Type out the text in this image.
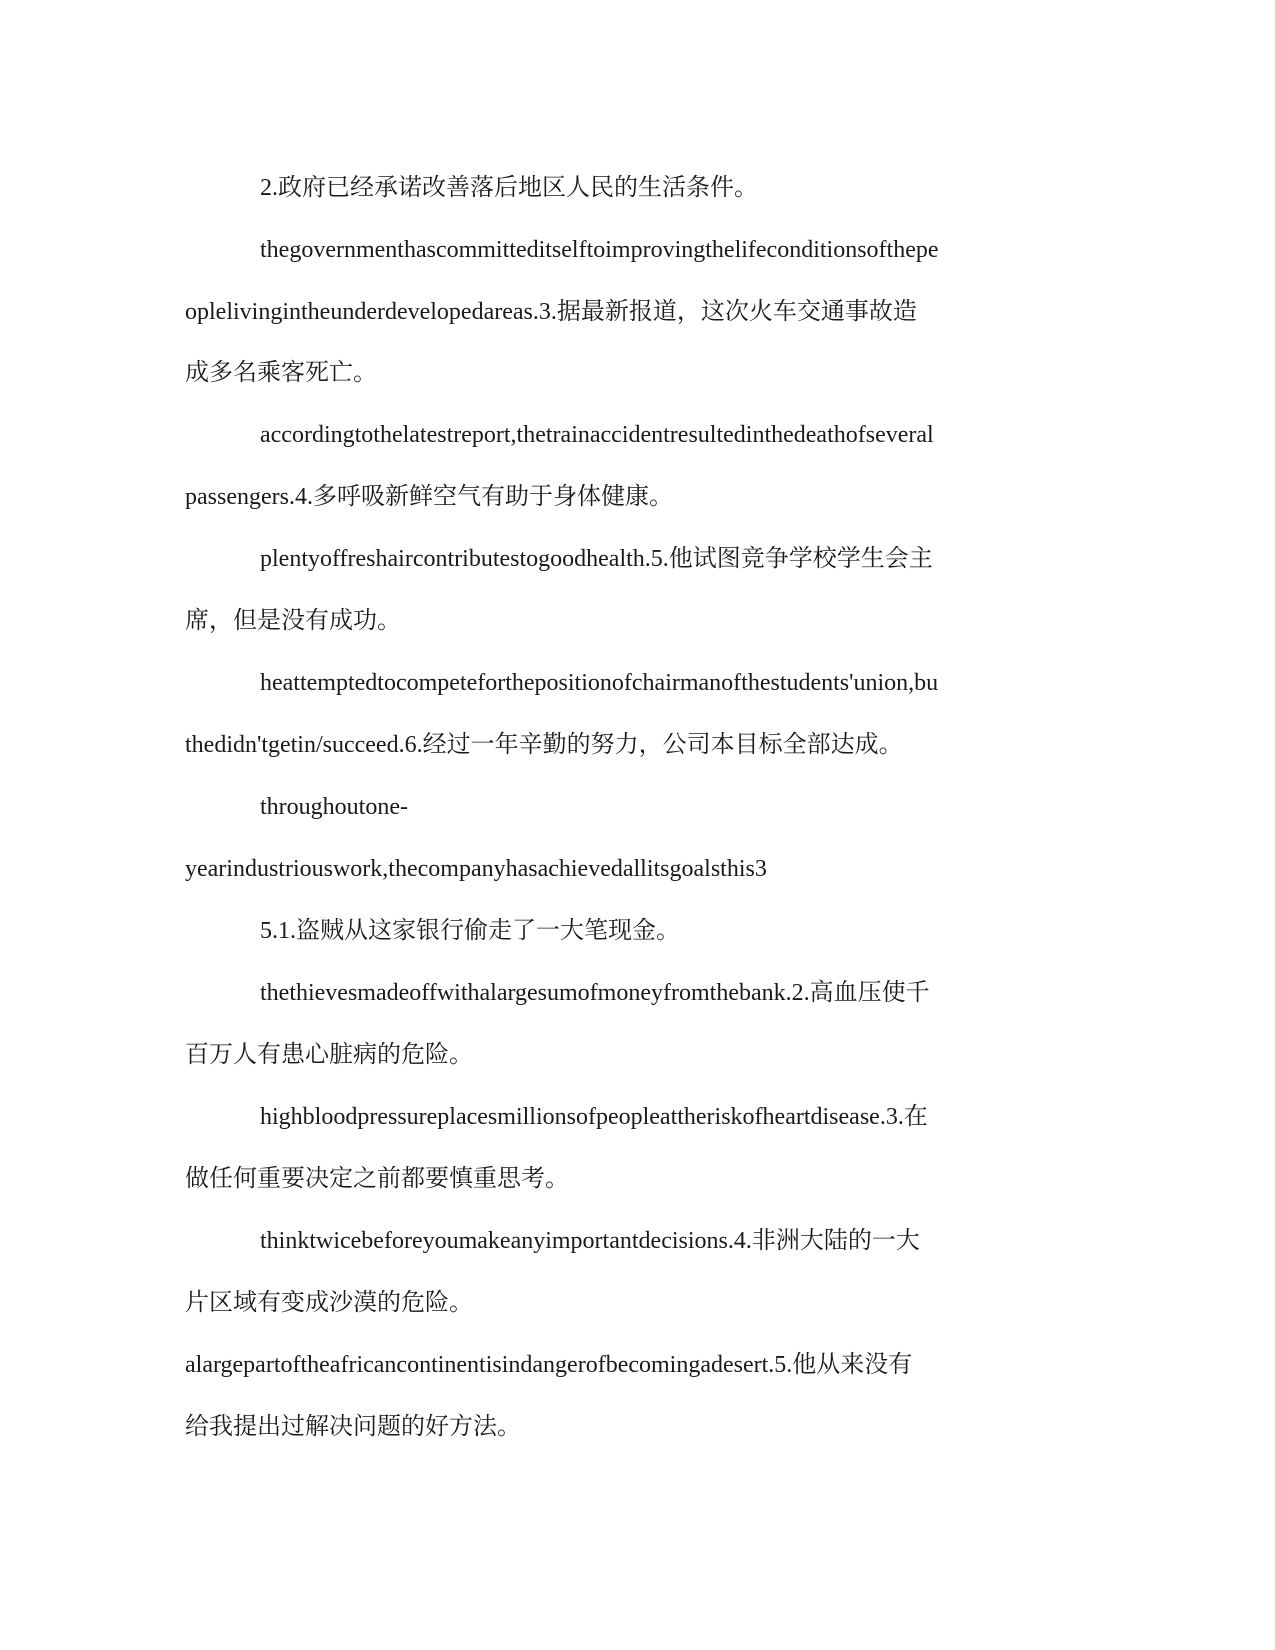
2.政府已经承诺改善落后地区人民的生活条件。
thegovernmenthascommitteditselftoimprovingthelifeconditionsofthepe
oplelivingintheunderdevelopedareas.3.据最新报道，这次火车交通事故造
成多名乘客死亡。
accordingtothelatestreport,thetrainaccidentresultedinthedeathofseveral
passengers.4.多呼吸新鲜空气有助于身体健康。
plentyoffreshaircontributestogoodhealth.5.他试图竞争学校学生会主
席，但是没有成功。
heattemptedtocompeteforthepositionofchairmanofthestudents'union,bu
thedidn'tgetin/succeed.6.经过一年辛勤的努力，公司本目标全部达成。
throughoutone-
yearindustriouswork,thecompanyhasachievedallitsgoalsthis3
5.1.盗贼从这家银行偷走了一大笔现金。
thethievesmadeoffwithalargesumofmoneyfromthebank.2.高血压使千
百万人有患心脏病的危险。
highbloodpressureplacesmillionsofpeopleattheriskofheartdisease.3.在
做任何重要决定之前都要慎重思考。
thinktwicebeforeyoumakeanyimportantdecisions.4.非洲大陆的一大
片区域有变成沙漠的危险。
alargepartoftheafricancontinentisindangerofbecomingadesert.5.他从来没有
给我提出过解决问题的好方法。
